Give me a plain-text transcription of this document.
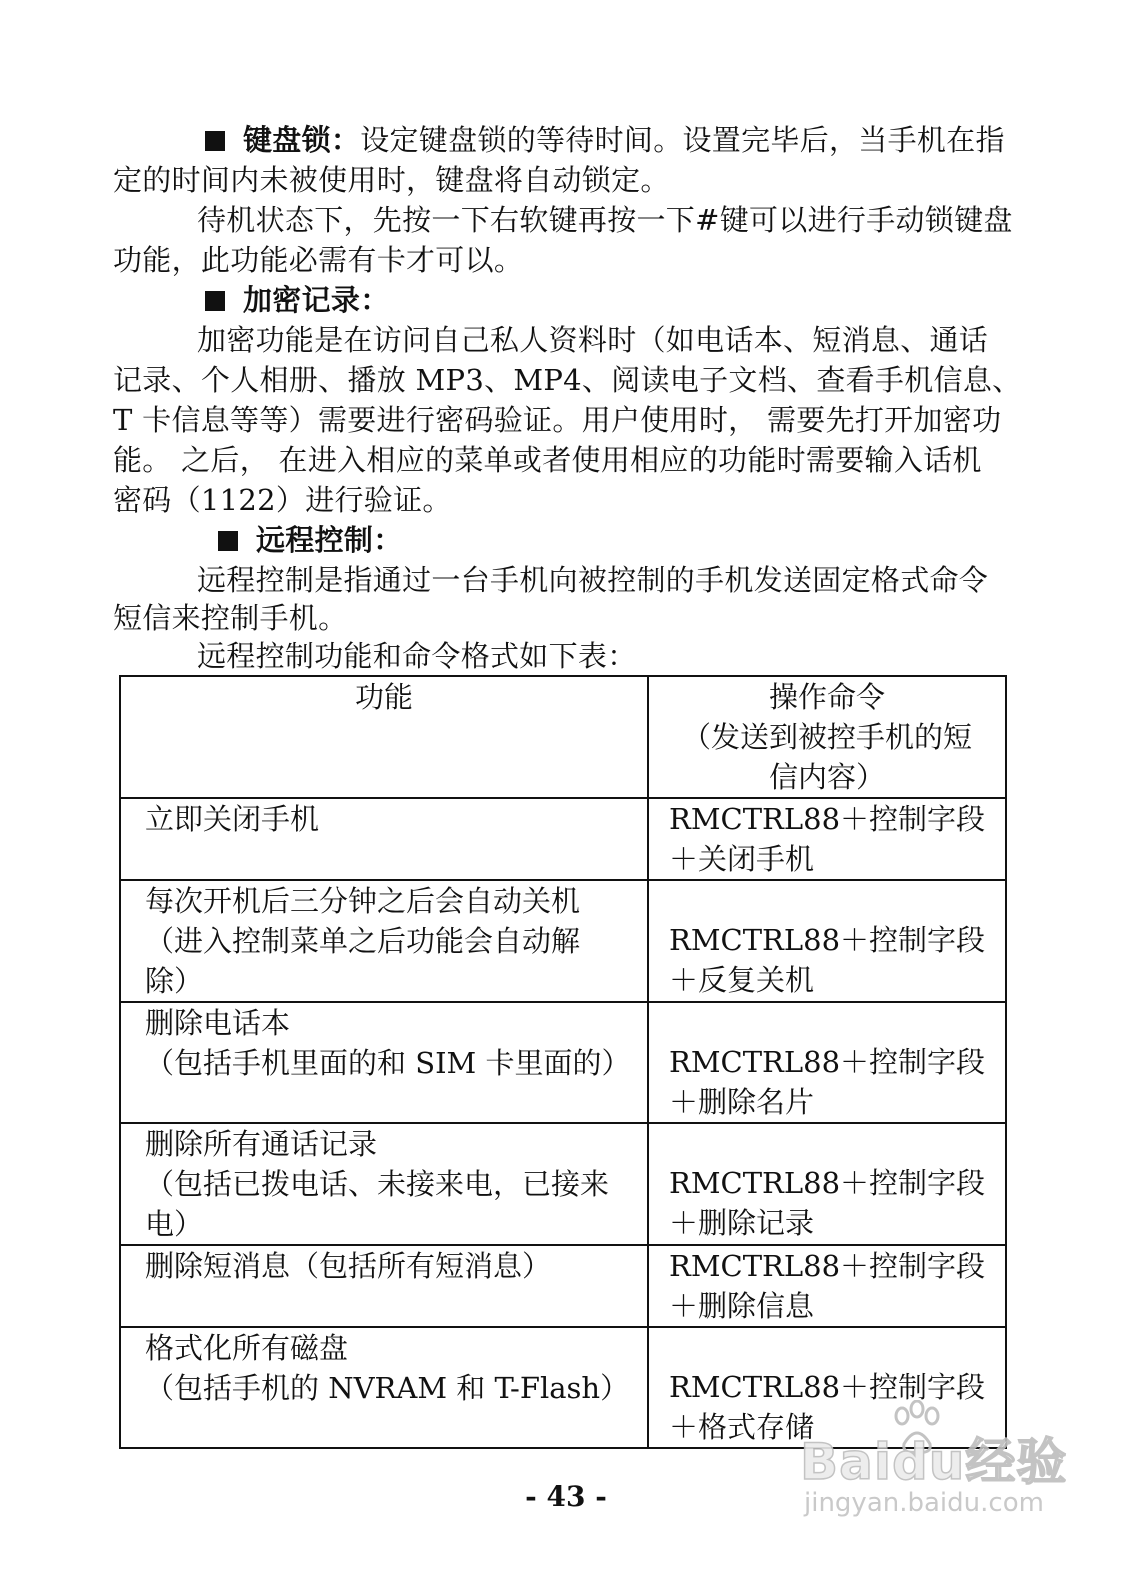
键盘锁：设定键盘锁的等待时间。设置完毕后，当手机在指
定的时间内未被使用时，键盘将自动锁定。
待机状态下，先按一下右软键再按一下#键可以进行手动锁键盘
功能，此功能必需有卡才可以。
加密记录：
加密功能是在访问自己私人资料时（如电话本、短消息、通话
记录、个人相册、播放 MP3、MP4、阅读电子文档、查看手机信息、
T 卡信息等等）需要进行密码验证。用户使用时， 需要先打开加密功
能。 之后， 在进入相应的菜单或者使用相应的功能时需要输入话机
密码（1122）进行验证。
远程控制：
远程控制是指通过一台手机向被控制的手机发送固定格式命令
短信来控制手机。
远程控制功能和命令格式如下表：
功能	操作命令
（发送到被控手机的短
信内容）

立即关闭手机	RMCTRL88＋控制字段
＋关闭手机

每次开机后三分钟之后会自动关机
（进入控制菜单之后功能会自动解
除）	RMCTRL88＋控制字段
＋反复关机

删除电话本
（包括手机里面的和 SIM 卡里面的）	RMCTRL88＋控制字段
＋删除名片

删除所有通话记录
（包括已拨电话、未接来电，已接来
电）	RMCTRL88＋控制字段
＋删除记录

删除短消息（包括所有短消息）	RMCTRL88＋控制字段
＋删除信息

格式化所有磁盘
（包括手机的 NVRAM 和 T-Flash）	RMCTRL88＋控制字段
＋格式存储
- 43 -
Baidu经验
jingyan.baidu.com
